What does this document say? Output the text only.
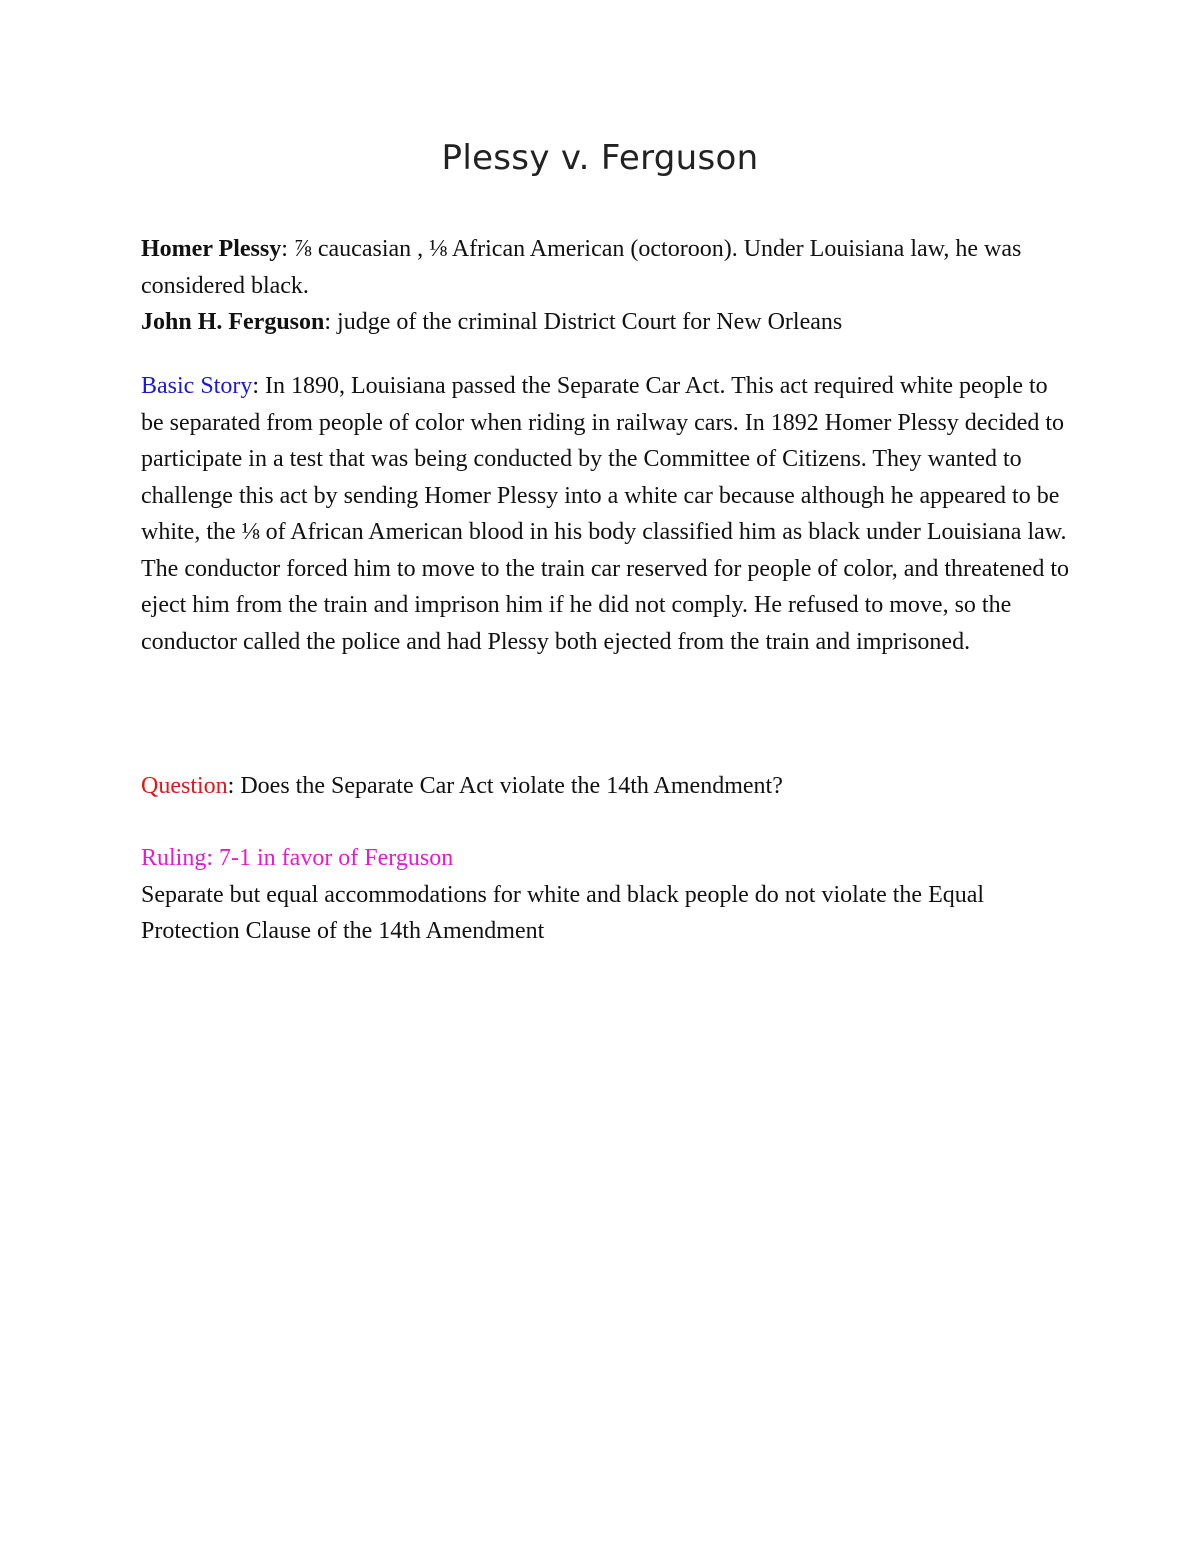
Plessy v. Ferguson

Homer Plessy: ⅞ caucasian , ⅛ African American (octoroon). Under Louisiana law, he was considered black.
John H. Ferguson: judge of the criminal District Court for New Orleans

Basic Story: In 1890, Louisiana passed the Separate Car Act. This act required white people to be separated from people of color when riding in railway cars. In 1892 Homer Plessy decided to participate in a test that was being conducted by the Committee of Citizens. They wanted to challenge this act by sending Homer Plessy into a white car because although he appeared to be white, the ⅛ of African American blood in his body classified him as black under Louisiana law. The conductor forced him to move to the train car reserved for people of color, and threatened to eject him from the train and imprison him if he did not comply. He refused to move, so the conductor called the police and had Plessy both ejected from the train and imprisoned.

Question: Does the Separate Car Act violate the 14th Amendment?

Ruling: 7-1 in favor of Ferguson
Separate but equal accommodations for white and black people do not violate the Equal Protection Clause of the 14th Amendment
